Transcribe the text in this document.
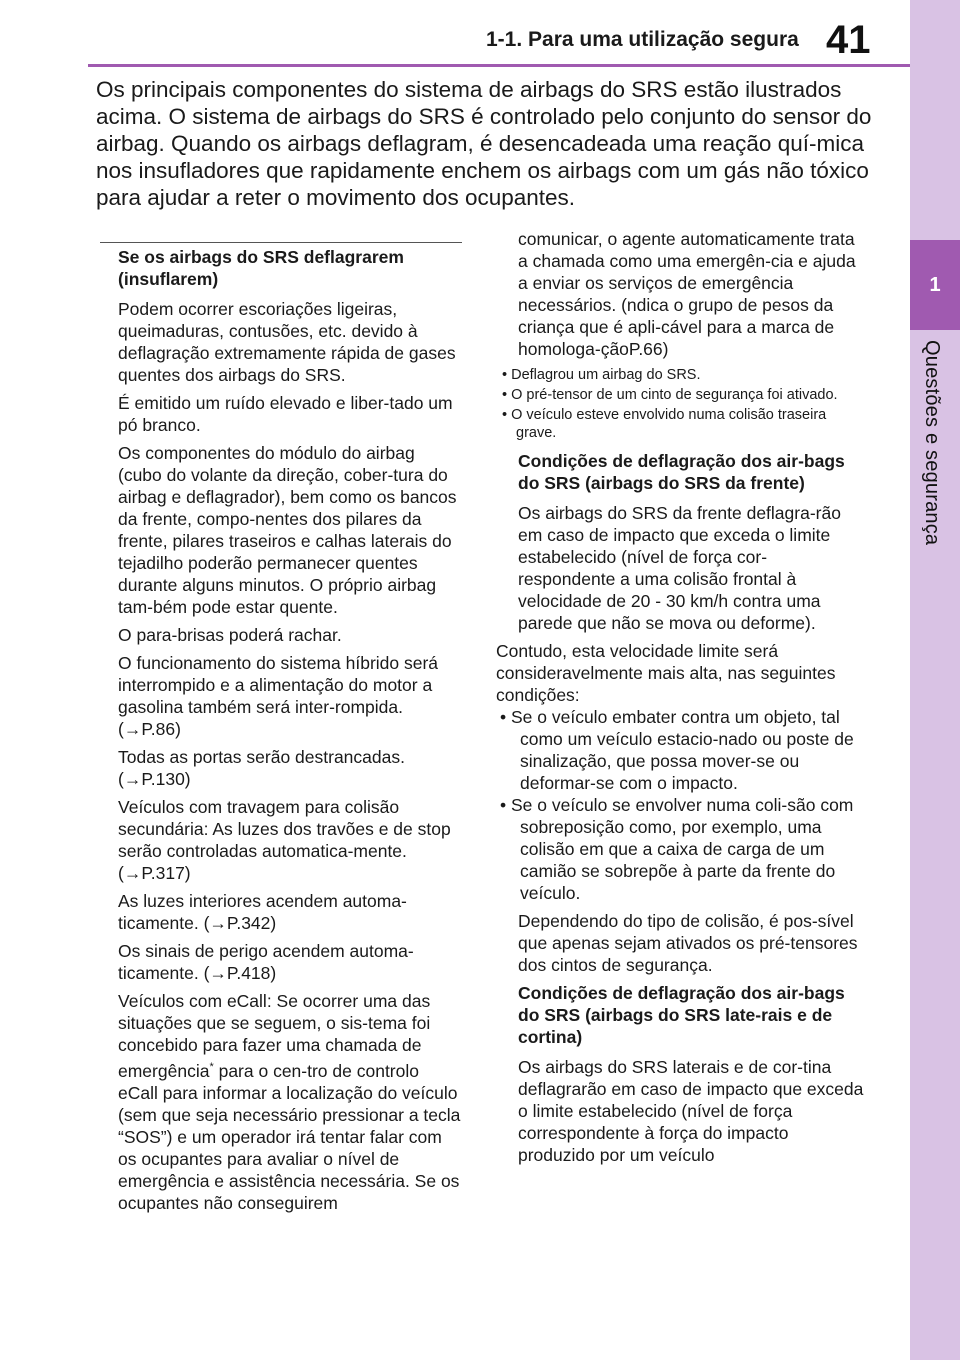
1-1. Para uma utilização segura 41
1
Questões e segurança

Os principais componentes do sistema de airbags do SRS estão ilustrados acima. O sistema de airbags do SRS é controlado pelo conjunto do sensor do airbag. Quando os airbags deflagram, é desencadeada uma reação quí-mica nos insufladores que rapidamente enchem os airbags com um gás não tóxico para ajudar a reter o movimento dos ocupantes.

Se os airbags do SRS deflagrarem (insuflarem)

Podem ocorrer escoriações ligeiras, queimaduras, contusões, etc. devido à deflagração extremamente rápida de gases quentes dos airbags do SRS.

É emitido um ruído elevado e liber-tado um pó branco.

Os componentes do módulo do airbag (cubo do volante da direção, cober-tura do airbag e deflagrador), bem como os bancos da frente, compo-nentes dos pilares da frente, pilares traseiros e calhas laterais do tejadilho poderão permanecer quentes durante alguns minutos. O próprio airbag tam-bém pode estar quente.

O para-brisas poderá rachar.

O funcionamento do sistema híbrido será interrompido e a alimentação do motor a gasolina também será inter-rompida. (→P.86)

Todas as portas serão destrancadas. (→P.130)

Veículos com travagem para colisão secundária: As luzes dos travões e de stop serão controladas automatica-mente. (→P.317)

As luzes interiores acendem automa-ticamente. (→P.342)

Os sinais de perigo acendem automa-ticamente. (→P.418)

Veículos com eCall: Se ocorrer uma das situações que se seguem, o sis-tema foi concebido para fazer uma chamada de emergência* para o cen-tro de controlo eCall para informar a localização do veículo (sem que seja necessário pressionar a tecla “SOS”) e um operador irá tentar falar com os ocupantes para avaliar o nível de emergência e assistência necessária. Se os ocupantes não conseguirem

comunicar, o agente automaticamente trata a chamada como uma emergên-cia e ajuda a enviar os serviços de emergência necessários. (ndica o grupo de pesos da criança que é apli-cável para a marca de homologa-çãoP.66)

• Deflagrou um airbag do SRS.

• O pré-tensor de um cinto de segurança foi ativado.

• O veículo esteve envolvido numa colisão traseira grave.

Condições de deflagração dos air-bags do SRS (airbags do SRS da frente)

Os airbags do SRS da frente deflagra-rão em caso de impacto que exceda o limite estabelecido (nível de força cor-respondente a uma colisão frontal à velocidade de 20 - 30 km/h contra uma parede que não se mova ou deforme).

Contudo, esta velocidade limite será consideravelmente mais alta, nas seguintes condições:

• Se o veículo embater contra um objeto, tal como um veículo estacio-nado ou poste de sinalização, que possa mover-se ou deformar-se com o impacto.

• Se o veículo se envolver numa coli-são com sobreposição como, por exemplo, uma colisão em que a caixa de carga de um camião se sobrepõe à parte da frente do veículo.

Dependendo do tipo de colisão, é pos-sível que apenas sejam ativados os pré-tensores dos cintos de segurança.

Condições de deflagração dos air-bags do SRS (airbags do SRS late-rais e de cortina)

Os airbags do SRS laterais e de cor-tina deflagrarão em caso de impacto que exceda o limite estabelecido (nível de força correspondente à força do impacto produzido por um veículo
